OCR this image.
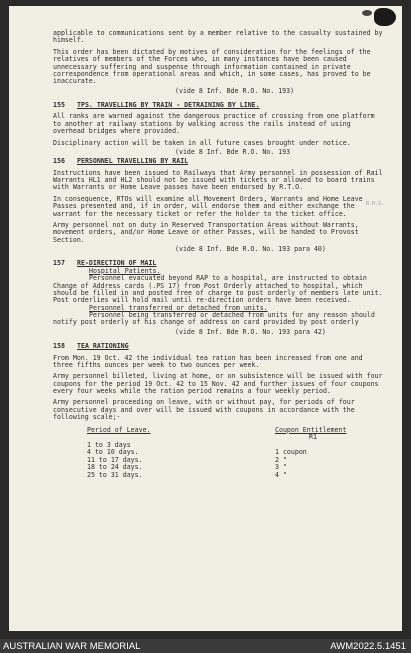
R.H.S.

applicable to communications sent by a member relative to the casualty sustained by himself.

This order has been dictated by motives of consideration for the feelings of the relatives of members of the Forces who, in many instances have been caused unnecessary suffering and suspense through information contained in private correspondence from operational areas and which, in some cases, has proved to be inaccurate.

(vide 8 Inf. Bde R.O. No. 193)

155 TPS. TRAVELLING BY TRAIN - DETRAINING BY LINE.

All ranks are warned against the dangerous practice of crossing from one platform to another at railway stations by walking across the rails instead of using overhead bridges where provided.

Disciplinary action will be taken in all future cases brought under notice.

(vide 8 Inf. Bde R.O. No. 193

156 PERSONNEL TRAVELLING BY RAIL

Instructions have been issued to Railways that Army personnel in possession of Rail Warrants HL1 and HL2 should not be issued with tickets or allowed to board trains with Warrants or Home Leave passes have been endorsed by R.T.O.

In consequence, RTOs will examine all Movement Orders, Warrants and Home Leave Passes presented and, if in order, will endorse them and either exchange the warrant for the necessary ticket or refer the holder to the ticket office.

Army personnel not on duty in Reserved Transportation Areas without Warrants, movement orders, and/or Home Leave or other Passes, will be handed to Provost Section.

(vide 8 Inf. Bde R.O. No. 193 para 40)

157 RE-DIRECTION OF MAIL

Hospital Patients.

Personnel evacuated beyond RAP to a hospital, are instructed to obtain Change of Address cards (.PS 17) from Post Orderly attached to hospital, which should be filled in and posted free of charge to post orderly of members late unit. Post orderlies will hold mail until re-direction orders have been received.

Personnel transferred or detached from units.

Personnel being transferred or detached from units for any reason should notify post orderly of his change of address on card provided by post orderly

(vide 8 Inf. Bde R.O. No. 193 para 42)

158 TEA RATIONING

From Mon. 19 Oct. 42 the individual tea ration has been increased from one and three fifths ounces per week to two ounces per week.

Army personnel billeted, living at home, or on subsistence will be issued with four coupons for the period 19 Oct. 42 to 15 Nov. 42 and further issues of four coupons every four weeks while the ration period remains a four weekly period.

Army personnel proceeding on leave, with or without pay, for periods of four consecutive days and over will be issued with coupons in accordance with the following scale;-

Period of Leave.
1 to 3 days
4 to 10 days.
11 to 17 days.
18 to 24 days.
25 to 31 days.
Coupon Entitlement
R1
1 coupon
2 "
3 "
4 "
AUSTRALIAN WAR MEMORIAL	AWM2022.5.1451
